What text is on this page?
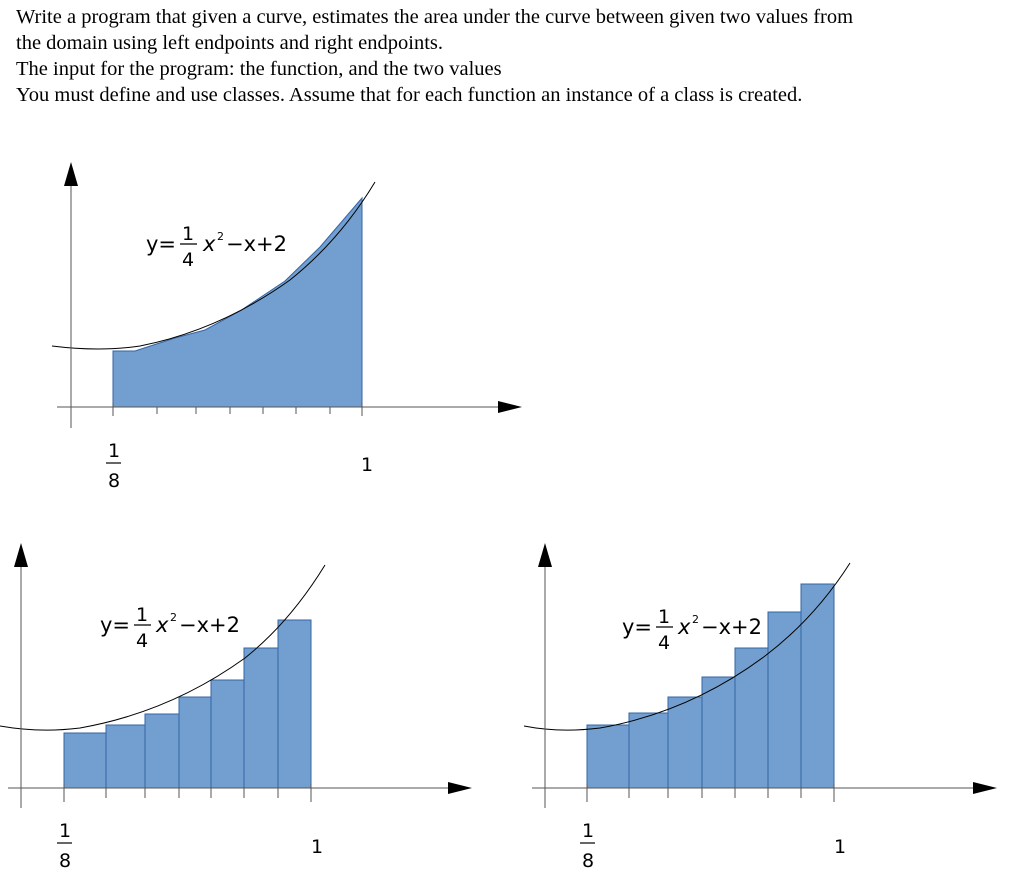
Write a program that given a curve, estimates the area under the curve between given two values from
the domain using left endpoints and right endpoints.
The input for the program: the function, and the two values
You must define and use classes. Assume that for each function an instance of a class is created.
y= 1
4
x 2 −x+2
1
8
1
y= 1
4
x 2 −x+2
1
8
1
y= 1
4
x 2 −x+2
1
8
1
